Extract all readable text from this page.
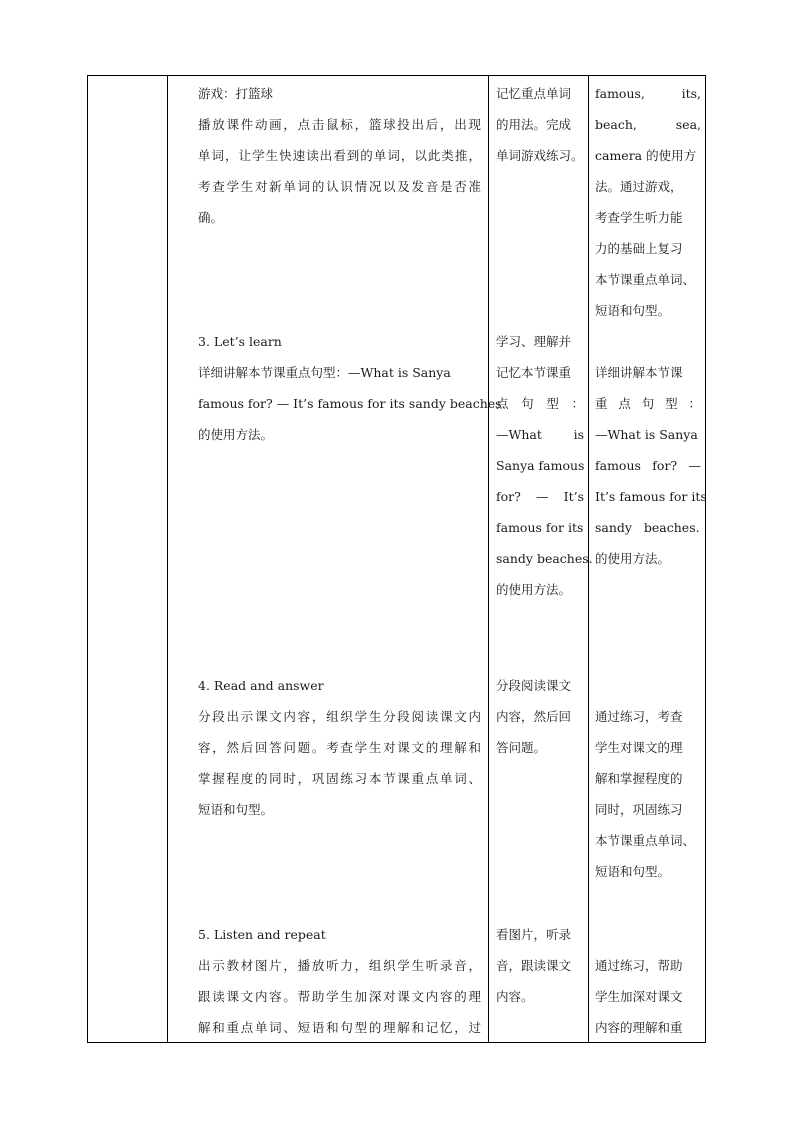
游戏：打篮球

播放课件动画，点击鼠标，篮球投出后，出现

单词，让学生快速读出看到的单词，以此类推，

考查学生对新单词的认识情况以及发音是否准

确。

记忆重点单词

的用法。完成

单词游戏练习。

famous,        its,

beach,        sea,

camera 的使用方

法。通过游戏，

考查学生听力能

力的基础上复习

本节课重点单词、

短语和句型。

3. Let’s learn

详细讲解本节课重点句型：—What is Sanya

famous for? — It’s famous for its sandy beaches.

的使用方法。

学习、理解并

记忆本节课重

点 句 型 ：

—What     is

Sanya famous

for? — It’s

famous for its

sandy beaches.

的使用方法。

详细讲解本节课

重 点 句 型 ：

—What is Sanya

famous for? —

It’s famous for its

sandy   beaches.

的使用方法。

4. Read and answer

分段出示课文内容，组织学生分段阅读课文内

容，然后回答问题。考查学生对课文的理解和

掌握程度的同时，巩固练习本节课重点单词、

短语和句型。

分段阅读课文

内容，然后回

答问题。

通过练习，考查

学生对课文的理

解和掌握程度的

同时，巩固练习

本节课重点单词、

短语和句型。

5. Listen and repeat

出示教材图片，播放听力，组织学生听录音，

跟读课文内容。帮助学生加深对课文内容的理

解和重点单词、短语和句型的理解和记忆，过

看图片，听录

音，跟读课文

内容。

通过练习，帮助

学生加深对课文

内容的理解和重
